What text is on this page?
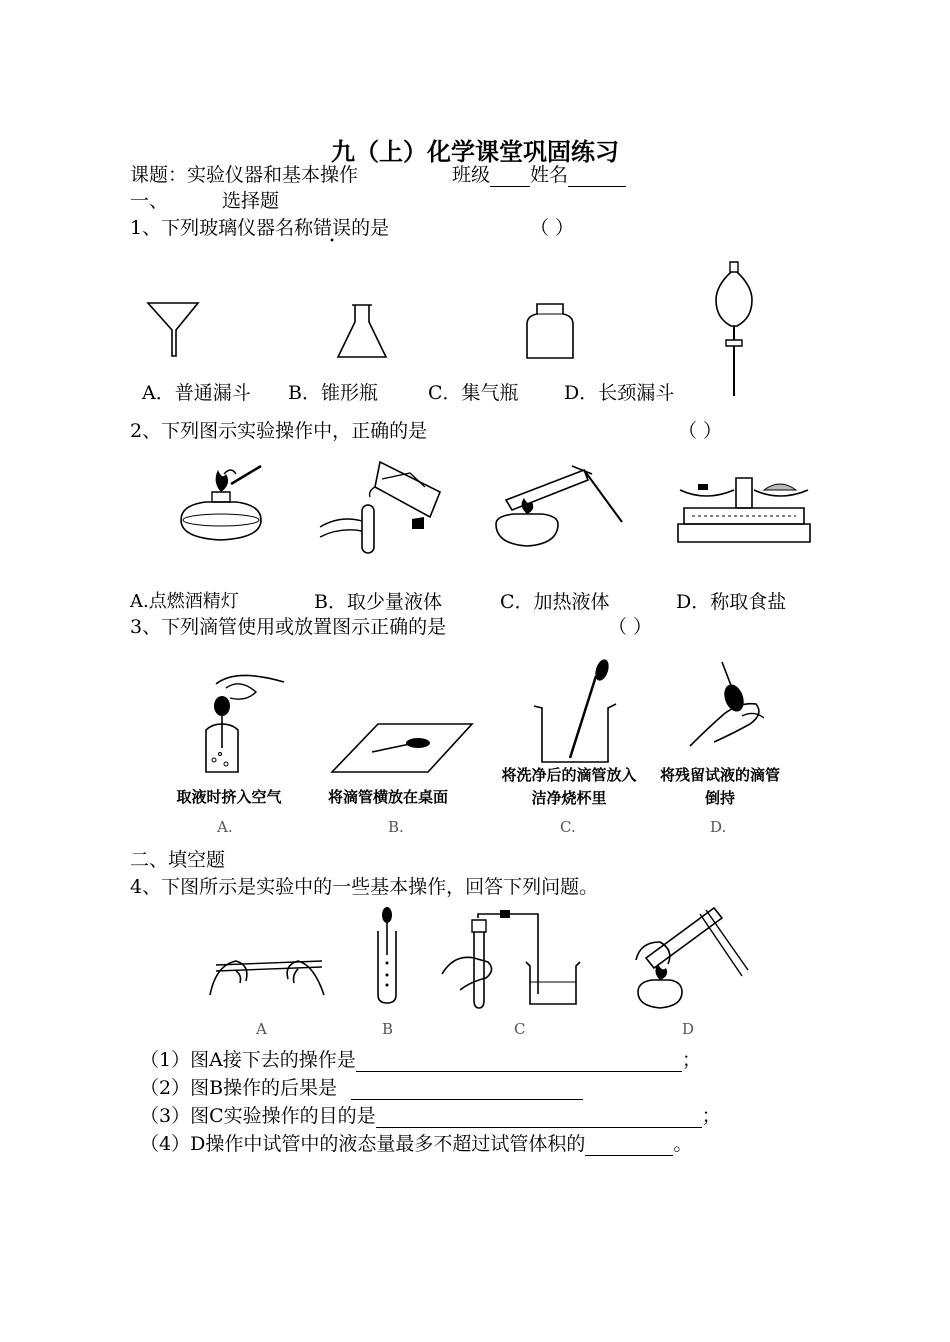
九（上）化学课堂巩固练习
课题：实验仪器和基本操作	班级 姓名
一、	选择题
1、下列玻璃仪器名称错误的是	（ ）
A．普通漏斗 B．锥形瓶	C．集气瓶 D．长颈漏斗
2、下列图示实验操作中，正确的是	（ ）
A.点燃酒精灯	B．取少量液体	C．加热液体	D．称取食盐
3、下列滴管使用或放置图示正确的是	（ ）
取液时挤入空气	将滴管横放在桌面
将洗净后的滴管放入洁净烧杯里
将残留试液的滴管倒持
A.	B.	C.	D.
二、填空题
4、下图所示是实验中的一些基本操作，回答下列问题。
A	B	C	D
（1）图A接下去的操作是	；
（2）图B操作的后果是
（3）图C实验操作的目的是	；
（4）D操作中试管中的液态量最多不超过试管体积的	。
